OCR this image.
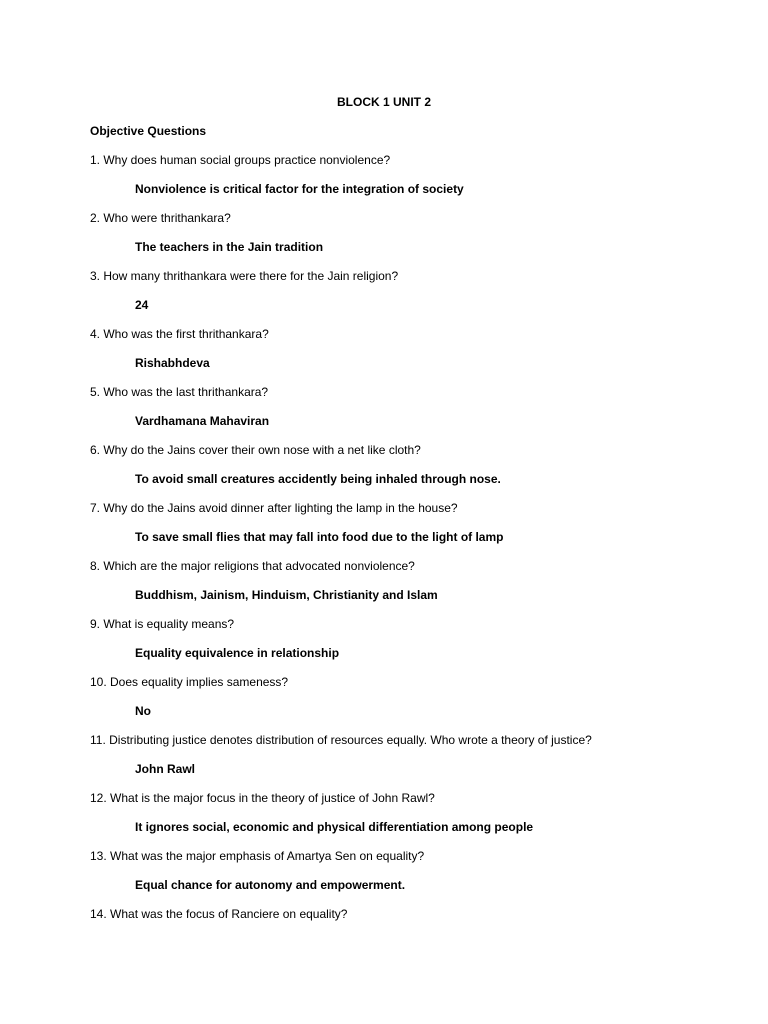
BLOCK 1 UNIT 2
Objective Questions
1. Why does human social groups practice nonviolence?
Nonviolence is critical factor for the integration of society
2. Who were thrithankara?
The teachers in the Jain tradition
3. How many thrithankara were there for the Jain religion?
24
4. Who was the first thrithankara?
Rishabhdeva
5. Who was the last thrithankara?
Vardhamana Mahaviran
6. Why do the Jains cover their own nose with a net like cloth?
To avoid small creatures accidently being inhaled through nose.
7. Why do the Jains avoid dinner after lighting the lamp in the house?
To save small flies that may fall into food due to the light of lamp
8. Which are the major religions that advocated nonviolence?
Buddhism, Jainism, Hinduism, Christianity and Islam
9. What is equality means?
Equality equivalence in relationship
10. Does equality implies sameness?
No
11. Distributing justice denotes distribution of resources equally. Who wrote a theory of justice?
John Rawl
12. What is the major focus in the theory of justice of John Rawl?
It ignores social, economic and physical differentiation among people
13. What was the major emphasis of Amartya Sen on equality?
Equal chance for autonomy and empowerment.
14. What was the focus of Ranciere on equality?
